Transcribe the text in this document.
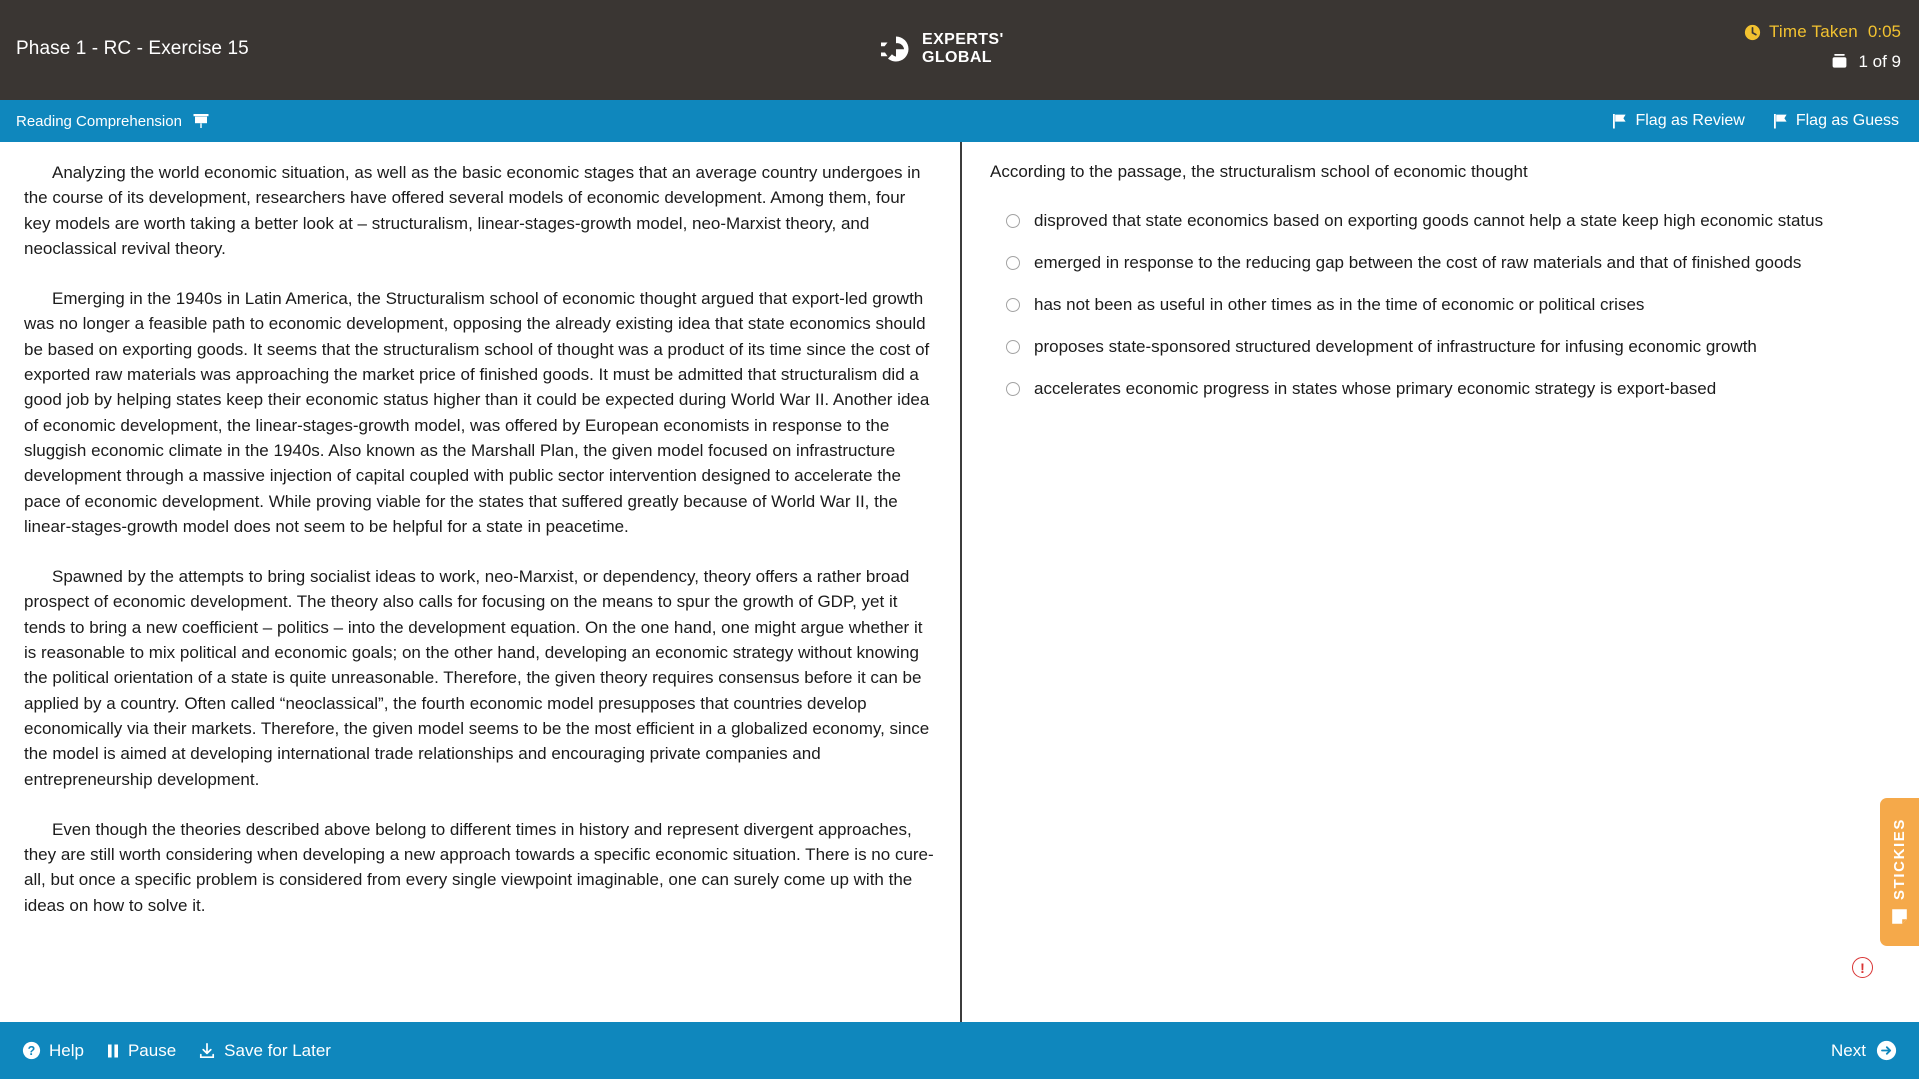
Phase 1 - RC - Exercise 15	EXPERTS'
GLOBAL
Time Taken 0:05
1 of 9
Reading Comprehension	Flag as Review	Flag as Guess

Analyzing the world economic situation, as well as the basic economic stages that an average country undergoes in the course of its development, researchers have offered several models of economic development. Among them, four key models are worth taking a better look at – structuralism, linear-stages-growth model, neo-Marxist theory, and neoclassical revival theory.

Emerging in the 1940s in Latin America, the Structuralism school of economic thought argued that export-led growth was no longer a feasible path to economic development, opposing the already existing idea that state economics should be based on exporting goods. It seems that the structuralism school of thought was a product of its time since the cost of exported raw materials was approaching the market price of finished goods. It must be admitted that structuralism did a good job by helping states keep their economic status higher than it could be expected during World War II. Another idea of economic development, the linear-stages-growth model, was offered by European economists in response to the sluggish economic climate in the 1940s. Also known as the Marshall Plan, the given model focused on infrastructure development through a massive injection of capital coupled with public sector intervention designed to accelerate the pace of economic development. While proving viable for the states that suffered greatly because of World War II, the linear-stages-growth model does not seem to be helpful for a state in peacetime.

Spawned by the attempts to bring socialist ideas to work, neo-Marxist, or dependency, theory offers a rather broad prospect of economic development. The theory also calls for focusing on the means to spur the growth of GDP, yet it tends to bring a new coefficient – politics – into the development equation. On the one hand, one might argue whether it is reasonable to mix political and economic goals; on the other hand, developing an economic strategy without knowing the political orientation of a state is quite unreasonable. Therefore, the given theory requires consensus before it can be applied by a country. Often called “neoclassical”, the fourth economic model presupposes that countries develop economically via their markets. Therefore, the given model seems to be the most efficient in a globalized economy, since the model is aimed at developing international trade relationships and encouraging private companies and entrepreneurship development.

Even though the theories described above belong to different times in history and represent divergent approaches, they are still worth considering when developing a new approach towards a specific economic situation. There is no cure-all, but once a specific problem is considered from every single viewpoint imaginable, one can surely come up with the ideas on how to solve it.

According to the passage, the structuralism school of economic thought
disproved that state economics based on exporting goods cannot help a state keep high economic status
emerged in response to the reducing gap between the cost of raw materials and that of finished goods
has not been as useful in other times as in the time of economic or political crises
proposes state-sponsored structured development of infrastructure for infusing economic growth
accelerates economic progress in states whose primary economic strategy is export-based
STICKIES
!
? Help	Pause	Save for Later	Next
